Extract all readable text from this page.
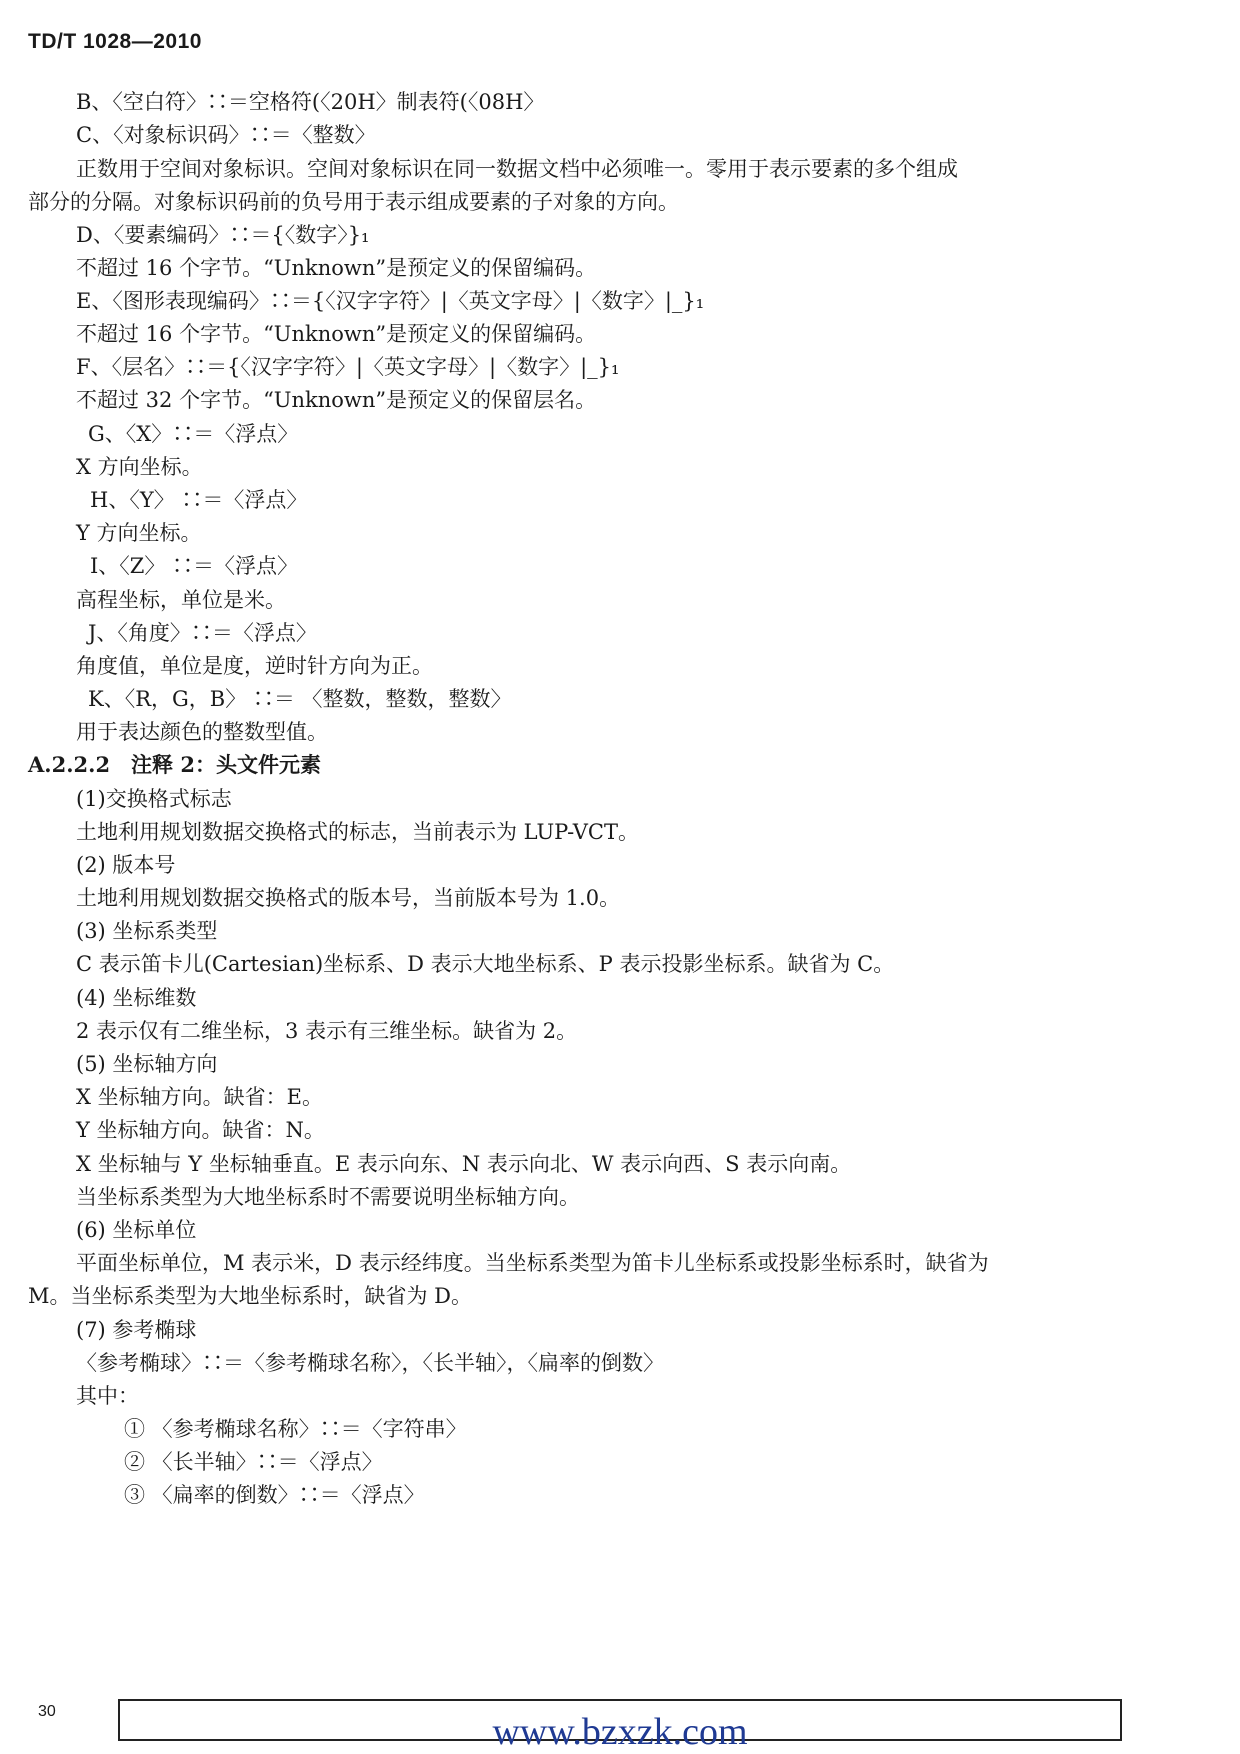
TD/T 1028—2010
B、〈空白符〉∷＝空格符(〈20H〉制表符(〈08H〉
C、〈对象标识码〉∷＝〈整数〉
正数用于空间对象标识。空间对象标识在同一数据文档中必须唯一。零用于表示要素的多个组成
部分的分隔。对象标识码前的负号用于表示组成要素的子对象的方向。
D、〈要素编码〉∷＝{〈数字〉}₁
不超过 16 个字节。“Unknown”是预定义的保留编码。
E、〈图形表现编码〉∷＝{〈汉字字符〉|〈英文字母〉|〈数字〉|_}₁
不超过 16 个字节。“Unknown”是预定义的保留编码。
F、〈层名〉∷＝{〈汉字字符〉|〈英文字母〉|〈数字〉|_}₁
不超过 32 个字节。“Unknown”是预定义的保留层名。
G、〈X〉∷＝〈浮点〉
X 方向坐标。
H、〈Y〉 ∷＝〈浮点〉
Y 方向坐标。
I、〈Z〉 ∷＝〈浮点〉
高程坐标，单位是米。
J、〈角度〉∷＝〈浮点〉
角度值，单位是度，逆时针方向为正。
K、〈R，G，B〉 ∷＝ 〈整数，整数，整数〉
用于表达颜色的整数型值。
A.2.2.2　注释 2：头文件元素
(1)交换格式标志
土地利用规划数据交换格式的标志，当前表示为 LUP-VCT。
(2) 版本号
土地利用规划数据交换格式的版本号，当前版本号为 1.0。
(3) 坐标系类型
C 表示笛卡儿(Cartesian)坐标系、D 表示大地坐标系、P 表示投影坐标系。缺省为 C。
(4) 坐标维数
2 表示仅有二维坐标，3 表示有三维坐标。缺省为 2。
(5) 坐标轴方向
X 坐标轴方向。缺省：E。
Y 坐标轴方向。缺省：N。
X 坐标轴与 Y 坐标轴垂直。E 表示向东、N 表示向北、W 表示向西、S 表示向南。
当坐标系类型为大地坐标系时不需要说明坐标轴方向。
(6) 坐标单位
平面坐标单位，M 表示米，D 表示经纬度。当坐标系类型为笛卡儿坐标系或投影坐标系时，缺省为
M。当坐标系类型为大地坐标系时，缺省为 D。
(7) 参考椭球
〈参考椭球〉∷＝〈参考椭球名称〉，〈长半轴〉，〈扁率的倒数〉
其中：
① 〈参考椭球名称〉∷＝〈字符串〉
② 〈长半轴〉∷＝〈浮点〉
③ 〈扁率的倒数〉∷＝〈浮点〉
30	www.bzxzk.com
